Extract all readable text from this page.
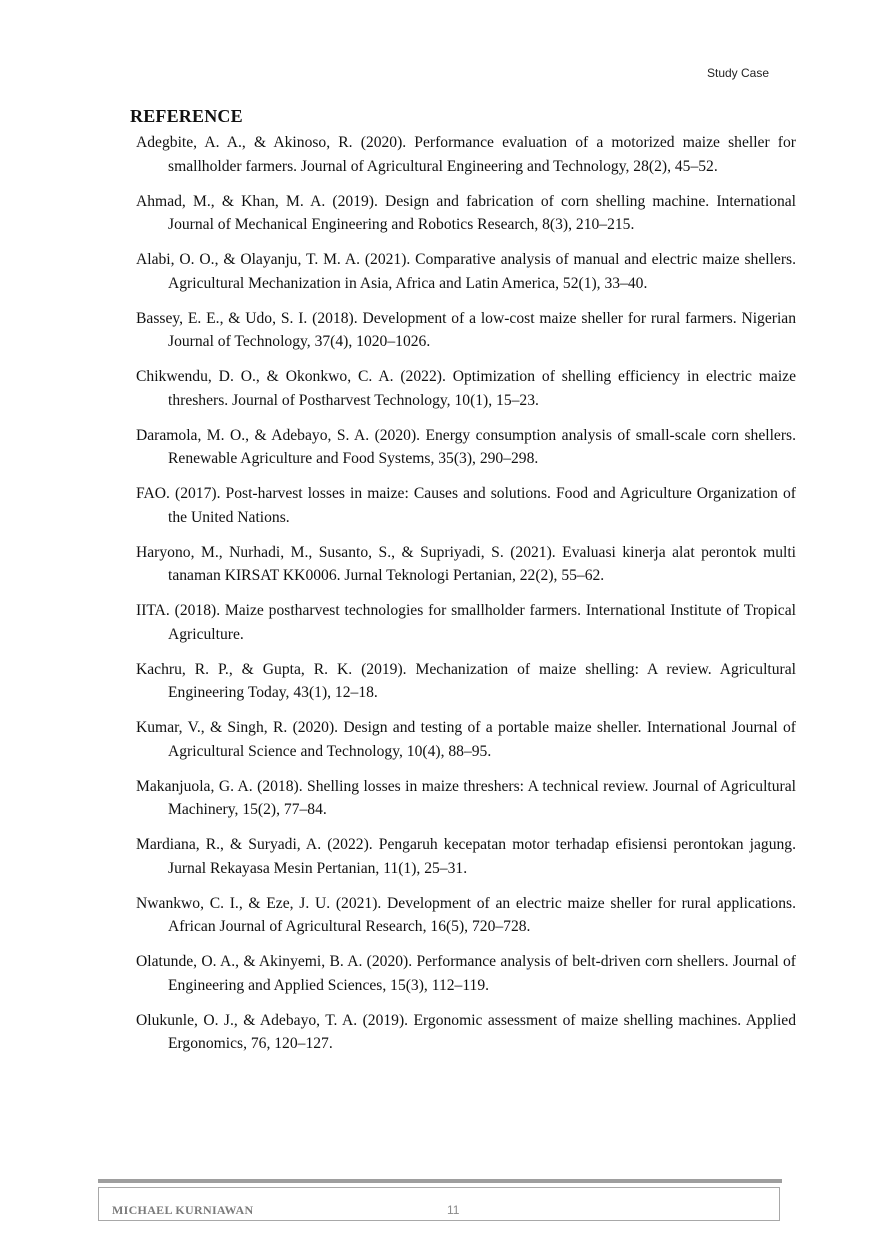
Study Case
REFERENCE

Adegbite, A. A., & Akinoso, R. (2020). Performance evaluation of a motorized maize sheller for smallholder farmers. Journal of Agricultural Engineering and Technology, 28(2), 45–52.

Ahmad, M., & Khan, M. A. (2019). Design and fabrication of corn shelling machine. International Journal of Mechanical Engineering and Robotics Research, 8(3), 210–215.

Alabi, O. O., & Olayanju, T. M. A. (2021). Comparative analysis of manual and electric maize shellers. Agricultural Mechanization in Asia, Africa and Latin America, 52(1), 33–40.

Bassey, E. E., & Udo, S. I. (2018). Development of a low-cost maize sheller for rural farmers. Nigerian Journal of Technology, 37(4), 1020–1026.

Chikwendu, D. O., & Okonkwo, C. A. (2022). Optimization of shelling efficiency in electric maize threshers. Journal of Postharvest Technology, 10(1), 15–23.

Daramola, M. O., & Adebayo, S. A. (2020). Energy consumption analysis of small-scale corn shellers. Renewable Agriculture and Food Systems, 35(3), 290–298.

FAO. (2017). Post-harvest losses in maize: Causes and solutions. Food and Agriculture Organization of the United Nations.

Haryono, M., Nurhadi, M., Susanto, S., & Supriyadi, S. (2021). Evaluasi kinerja alat perontok multi tanaman KIRSAT KK0006. Jurnal Teknologi Pertanian, 22(2), 55–62.

IITA. (2018). Maize postharvest technologies for smallholder farmers. International Institute of Tropical Agriculture.

Kachru, R. P., & Gupta, R. K. (2019). Mechanization of maize shelling: A review. Agricultural Engineering Today, 43(1), 12–18.

Kumar, V., & Singh, R. (2020). Design and testing of a portable maize sheller. International Journal of Agricultural Science and Technology, 10(4), 88–95.

Makanjuola, G. A. (2018). Shelling losses in maize threshers: A technical review. Journal of Agricultural Machinery, 15(2), 77–84.

Mardiana, R., & Suryadi, A. (2022). Pengaruh kecepatan motor terhadap efisiensi perontokan jagung. Jurnal Rekayasa Mesin Pertanian, 11(1), 25–31.

Nwankwo, C. I., & Eze, J. U. (2021). Development of an electric maize sheller for rural applications. African Journal of Agricultural Research, 16(5), 720–728.

Olatunde, O. A., & Akinyemi, B. A. (2020). Performance analysis of belt-driven corn shellers. Journal of Engineering and Applied Sciences, 15(3), 112–119.

Olukunle, O. J., & Adebayo, T. A. (2019). Ergonomic assessment of maize shelling machines. Applied Ergonomics, 76, 120–127.

MICHAEL KURNIAWAN	11
